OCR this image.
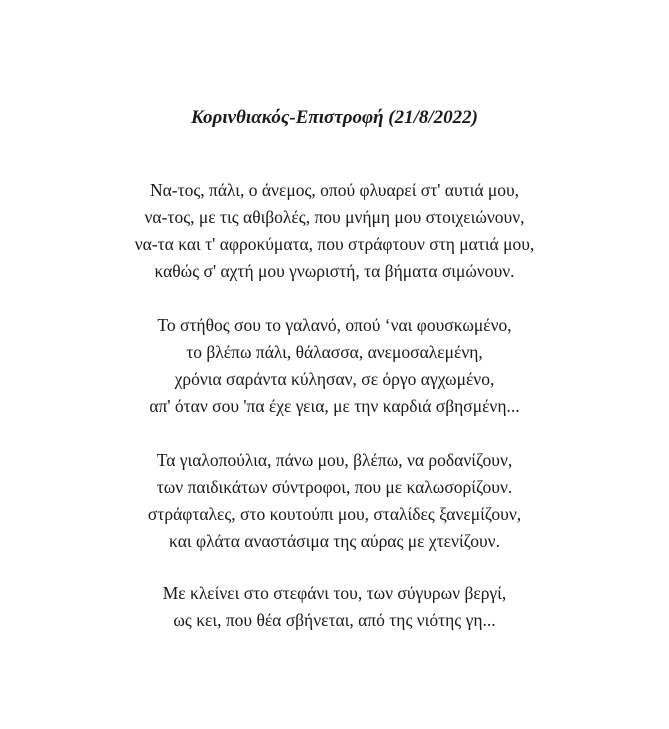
Κορινθιακός-Επιστροφή (21/8/2022)
Να-τος, πάλι, ο άνεμος, οπού φλυαρεί στ' αυτιά μου,
να-τος, με τις αθιβολές, που μνήμη μου στοιχειώνουν,
να-τα και τ' αφροκύματα, που στράφτουν στη ματιά μου,
καθώς σ' αχτή μου γνωριστή, τα βήματα σιμώνουν.
Το στήθος σου το γαλανό, οπού ‘ναι φουσκωμένο,
το βλέπω πάλι, θάλασσα, ανεμοσαλεμένη,
χρόνια σαράντα κύλησαν, σε όργο αγχωμένο,
απ' όταν σου 'πα έχε γεια, με την καρδιά σβησμένη...
Τα γιαλοπούλια, πάνω μου, βλέπω, να ροδανίζουν,
των παιδικάτων σύντροφοι, που με καλωσορίζουν.
στράφταλες, στο κουτούπι μου, σταλίδες ξανεμίζουν,
και φλάτα αναστάσιμα της αύρας με χτενίζουν.
Με κλείνει στο στεφάνι του, των σύγυρων βεργί,
ως κει, που θέα σβήνεται, από της νιότης γη...
